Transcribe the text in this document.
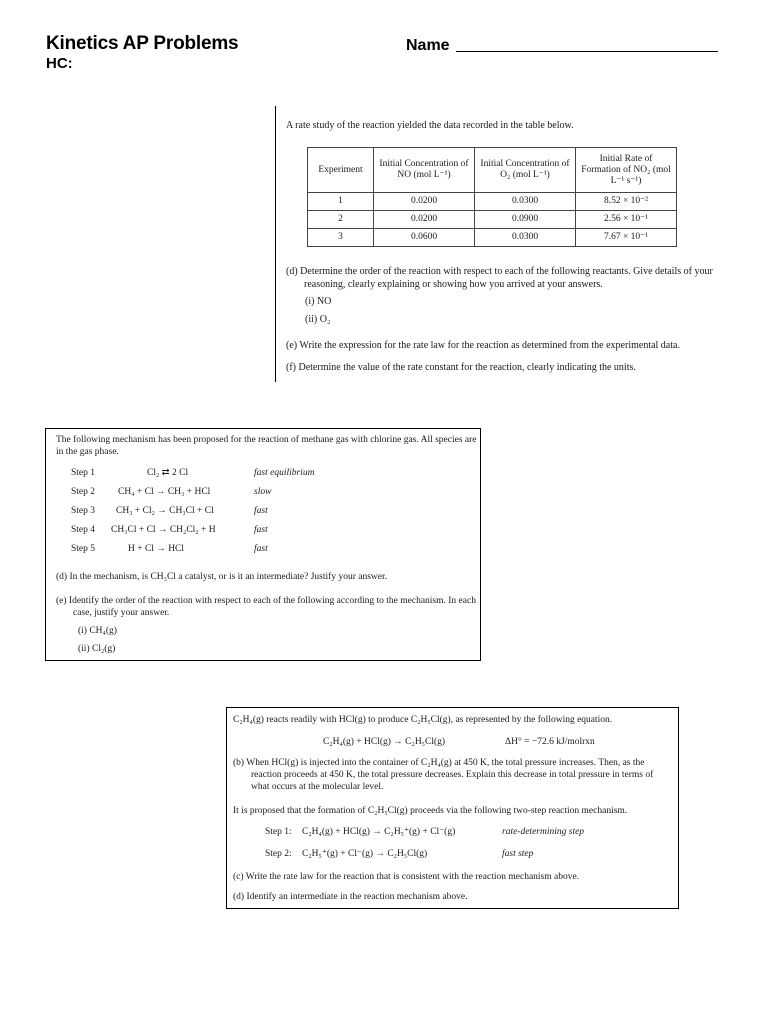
Kinetics AP Problems
HC:
Name
A rate study of the reaction yielded the data recorded in the table below.
Experiment	Initial Concentration of NO (mol L⁻¹)	Initial Concentration of O₂ (mol L⁻¹)	Initial Rate of Formation of NO₂ (mol L⁻¹ s⁻¹)
1	0.0200	0.0300	8.52 × 10⁻²
2	0.0200	0.0900	2.56 × 10⁻¹
3	0.0600	0.0300	7.67 × 10⁻¹
(d) Determine the order of the reaction with respect to each of the following reactants. Give details of your
reasoning, clearly explaining or showing how you arrived at your answers.
(i) NO
(ii) O₂
(e) Write the expression for the rate law for the reaction as determined from the experimental data.
(f) Determine the value of the rate constant for the reaction, clearly indicating the units.
The following mechanism has been proposed for the reaction of methane gas with chlorine gas. All species are
in the gas phase.
Step 1	Cl₂ ⇄ 2 Cl	fast equilibrium
Step 2 CH₄ + Cl → CH₃ + HCl	slow
Step 3 CH₃ + Cl₂ → CH₃Cl + Cl	fast
Step 4 CH₃Cl + Cl → CH₂Cl₂ + H	fast
Step 5	H + Cl → HCl	fast
(d) In the mechanism, is CH₃Cl a catalyst, or is it an intermediate? Justify your answer.
(e) Identify the order of the reaction with respect to each of the following according to the mechanism. In each
case, justify your answer.
(i) CH₄(g)
(ii) Cl₂(g)
C₂H₄(g) reacts readily with HCl(g) to produce C₂H₅Cl(g), as represented by the following equation.
C₂H₄(g) + HCl(g) → C₂H₅Cl(g)	ΔH° = −72.6 kJ/molrxn
(b) When HCl(g) is injected into the container of C₂H₄(g) at 450 K, the total pressure increases. Then, as the
reaction proceeds at 450 K, the total pressure decreases. Explain this decrease in total pressure in terms of
what occurs at the molecular level.
It is proposed that the formation of C₂H₅Cl(g) proceeds via the following two-step reaction mechanism.
Step 1: C₂H₄(g) + HCl(g) → C₂H₅⁺(g) + Cl⁻(g)	rate-determining step
Step 2: C₂H₅⁺(g) + Cl⁻(g) → C₂H₅Cl(g)	fast step
(c) Write the rate law for the reaction that is consistent with the reaction mechanism above.
(d) Identify an intermediate in the reaction mechanism above.
